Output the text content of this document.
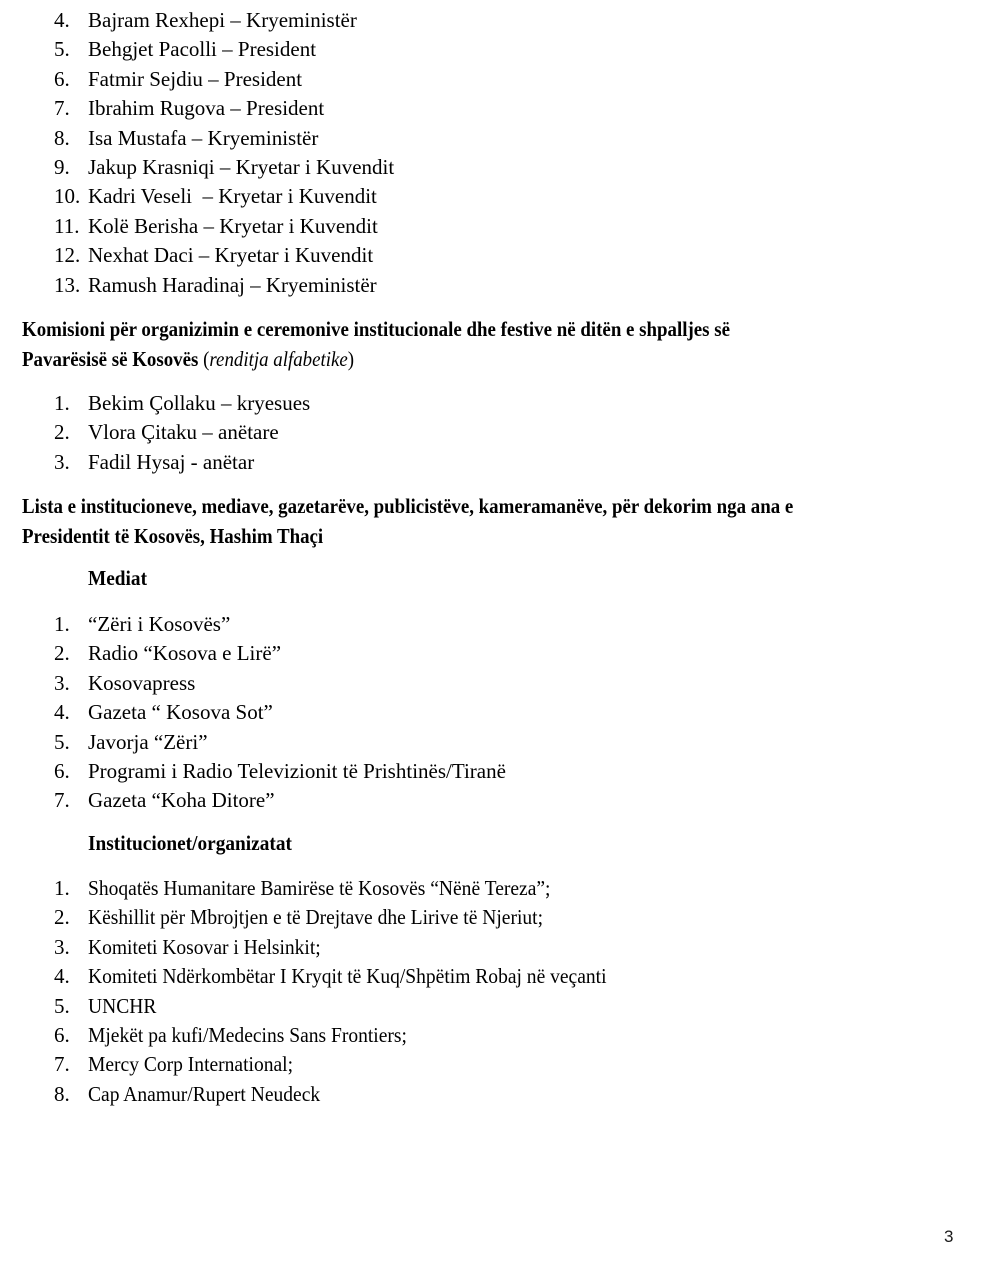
4. Bajram Rexhepi – Kryeministër
5. Behgjet Pacolli – President
6. Fatmir Sejdiu – President
7. Ibrahim Rugova – President
8. Isa Mustafa – Kryeministër
9. Jakup Krasniqi – Kryetar i Kuvendit
10. Kadri Veseli  – Kryetar i Kuvendit
11. Kolë Berisha – Kryetar i Kuvendit
12. Nexhat Daci – Kryetar i Kuvendit
13. Ramush Haradinaj – Kryeministër
Komisioni për organizimin e ceremonive institucionale dhe festive në ditën e shpalljes së
Pavarësisë së Kosovës (renditja alfabetike)
1. Bekim Çollaku – kryesues
2. Vlora Çitaku – anëtare
3. Fadil Hysaj - anëtar
Lista e institucioneve, mediave, gazetarëve, publicistëve, kameramanëve, për dekorim nga ana e
Presidentit të Kosovës, Hashim Thaçi
Mediat
1. “Zëri i Kosovës”
2. Radio “Kosova e Lirë”
3. Kosovapress
4. Gazeta “ Kosova Sot”
5. Javorja “Zëri”
6. Programi i Radio Televizionit të Prishtinës/Tiranë
7. Gazeta “Koha Ditore”
Institucionet/organizatat
1. Shoqatës Humanitare Bamirëse të Kosovës “Nënë Tereza”;
2. Këshillit për Mbrojtjen e të Drejtave dhe Lirive të Njeriut;
3. Komiteti Kosovar i Helsinkit;
4. Komiteti Ndërkombëtar I Kryqit të Kuq/Shpëtim Robaj në veçanti
5. UNCHR
6. Mjekët pa kufi/Medecins Sans Frontiers;
7. Mercy Corp International;
8. Cap Anamur/Rupert Neudeck
3
